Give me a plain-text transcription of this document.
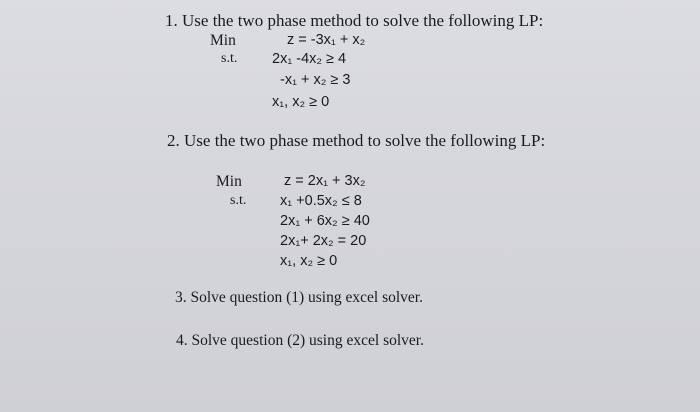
1. Use the two phase method to solve the following LP:
Min	z = -3x₁ + x₂
s.t. 2x₁ -4x₂ ≥ 4
-x₁ + x₂ ≥ 3
x₁, x₂ ≥ 0
2. Use the two phase method to solve the following LP:
Min	z = 2x₁ + 3x₂
s.t. x₁ +0.5x₂ ≤ 8
2x₁ + 6x₂ ≥ 40
2x₁+ 2x₂ = 20
x₁, x₂ ≥ 0
3. Solve question (1) using excel solver.
4. Solve question (2) using excel solver.
